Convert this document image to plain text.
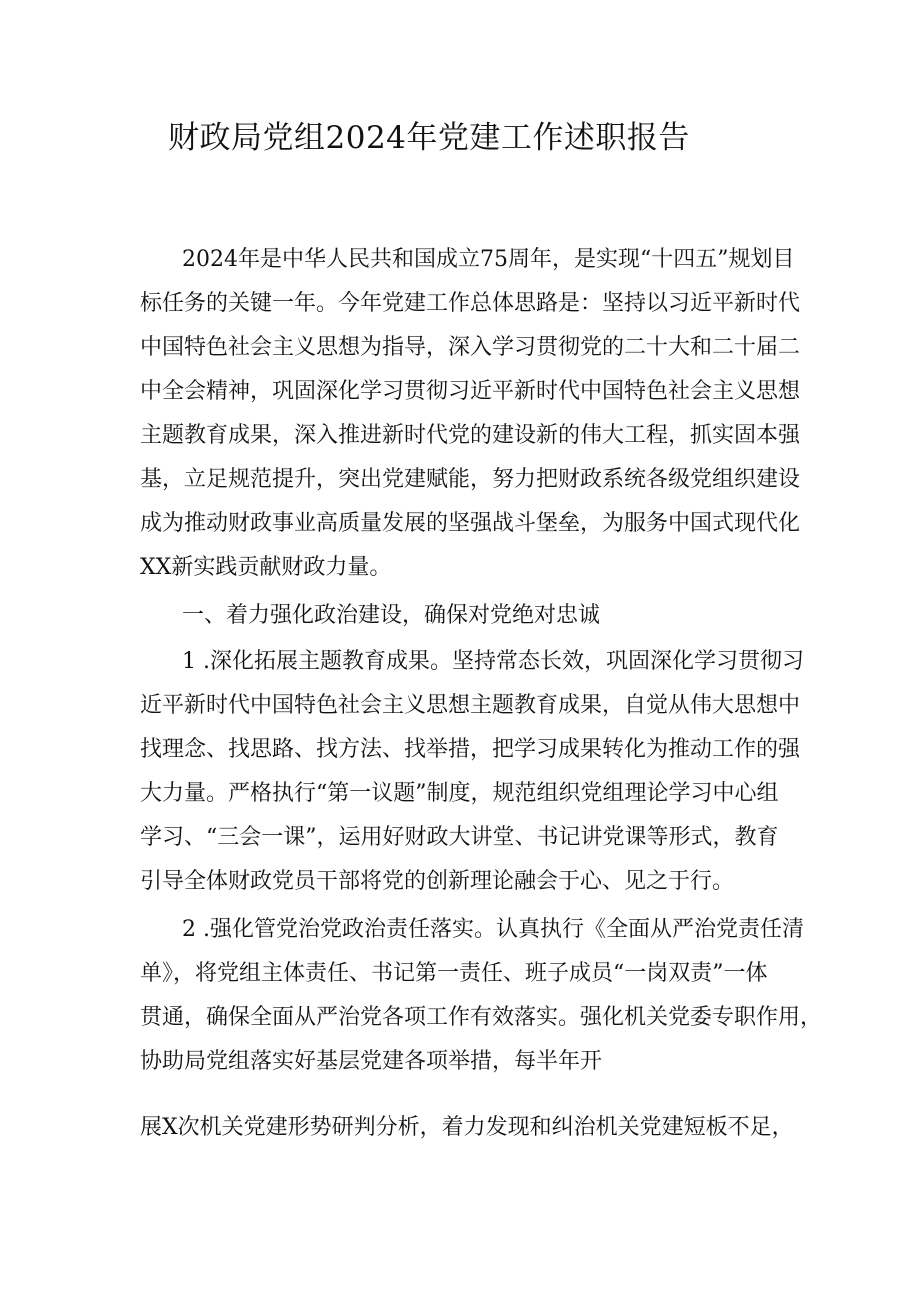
财政局党组2024年党建工作述职报告
2024年是中华人民共和国成立75周年，是实现“十四五”规划目
标任务的关键一年。今年党建工作总体思路是：坚持以习近平新时代
中国特色社会主义思想为指导，深入学习贯彻党的二十大和二十届二
中全会精神，巩固深化学习贯彻习近平新时代中国特色社会主义思想
主题教育成果，深入推进新时代党的建设新的伟大工程，抓实固本强
基，立足规范提升，突出党建赋能，努力把财政系统各级党组织建设
成为推动财政事业高质量发展的坚强战斗堡垒，为服务中国式现代化
XX新实践贡献财政力量。
一、着力强化政治建设，确保对党绝对忠诚
1 .深化拓展主题教育成果。坚持常态长效，巩固深化学习贯彻习
近平新时代中国特色社会主义思想主题教育成果，自觉从伟大思想中
找理念、找思路、找方法、找举措，把学习成果转化为推动工作的强
大力量。严格执行“第一议题”制度，规范组织党组理论学习中心组
学习、“三会一课”，运用好财政大讲堂、书记讲党课等形式，教育
引导全体财政党员干部将党的创新理论融会于心、见之于行。
2 .强化管党治党政治责任落实。认真执行《全面从严治党责任清
单》，将党组主体责任、书记第一责任、班子成员“一岗双责”一体
贯通，确保全面从严治党各项工作有效落实。强化机关党委专职作用，
协助局党组落实好基层党建各项举措，每半年开
展X次机关党建形势研判分析，着力发现和纠治机关党建短板不足，
